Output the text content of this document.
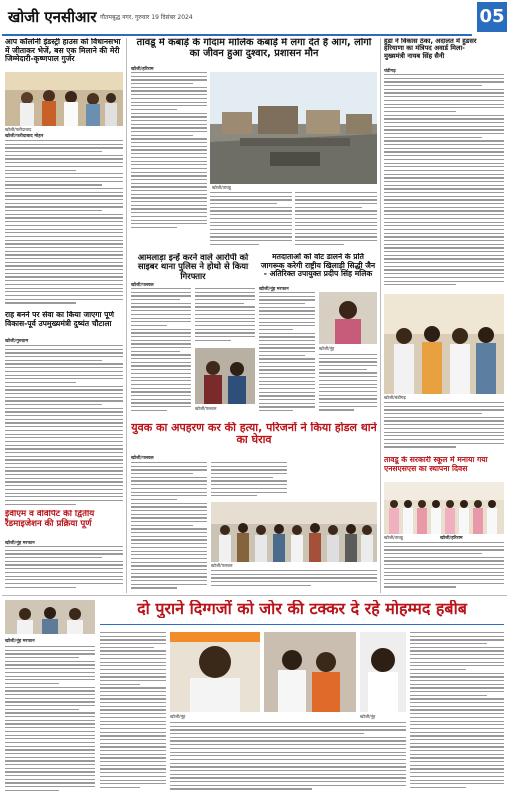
खोजी एनसीआर गौतमबुद्ध नगर, गुरुवार 19 दिसंबर 2024	05
आप कॉलोनी इंडस्ट्री हाउस को विधानसभा में जीताकर भेजें, बस एक मिलाने की मेरी जिम्मेदारी-कृष्णपाल गुर्जर
खोजी/फरीदाबाद
खोजी/फरीदाबाद मोहन
राह बनने पर सेवा का किया जाएगा पूर्ण विकास-पूर्व उपमुख्यमंत्री दुष्यंत चौटाला
खोजी/गुरुग्राम
ईवीएम व वीवीपैट की द्वितीय रैंडमाइजेशन की प्रक्रिया पूर्ण
खोजी/नूंह मरफान
तावडू में कबाड़े के गोदाम मालिक कबाड़े में लगा देते हैं आग, लोगों का जीवन हुआ दुश्वार, प्रशासन मौन
खोजी/हरिराम
खोजी/तावडू
आमलाड़ा इन्हें करने वाले आरोपी को साइबर थाना पुलिस ने होथो से किया गिरफ्तार
खोजी/पलवल
खोजी/पलवल
मतदाताओं को वोट डालने के प्रति जागरूक करेगी राष्ट्रीय खिलाड़ी सिद्धी जैन - अतिरिक्त उपायुक्त प्रदीप सिंह मलिक
खोजी/नूंह मरफान
खोजी/नूंह
युवक का अपहरण कर की हत्या, परिजनों ने किया होडल थाने का घेराव
खोजी/पलवल
खोजी/पलवल
हुडा ने विकास ठेका, अदालत में हुडसर हरियाणा का मंत्रिपद अवार्ड मिला-मुख्यमंत्री नायब सिंह सैनी
चंडीगढ़
खोजी/चंडीगढ़
तावडू के सरकारी स्कूल में मनाया गया एनसएसएस का स्थापना दिवस
खोजी/तावडू	खोजी/हरिराम
दो पुराने दिग्गजों को जोर की टक्कर दे रहे मोहम्मद हबीब
खोजी/नूंह मरफान
खोजी/नूंह	खोजी/नूंह
